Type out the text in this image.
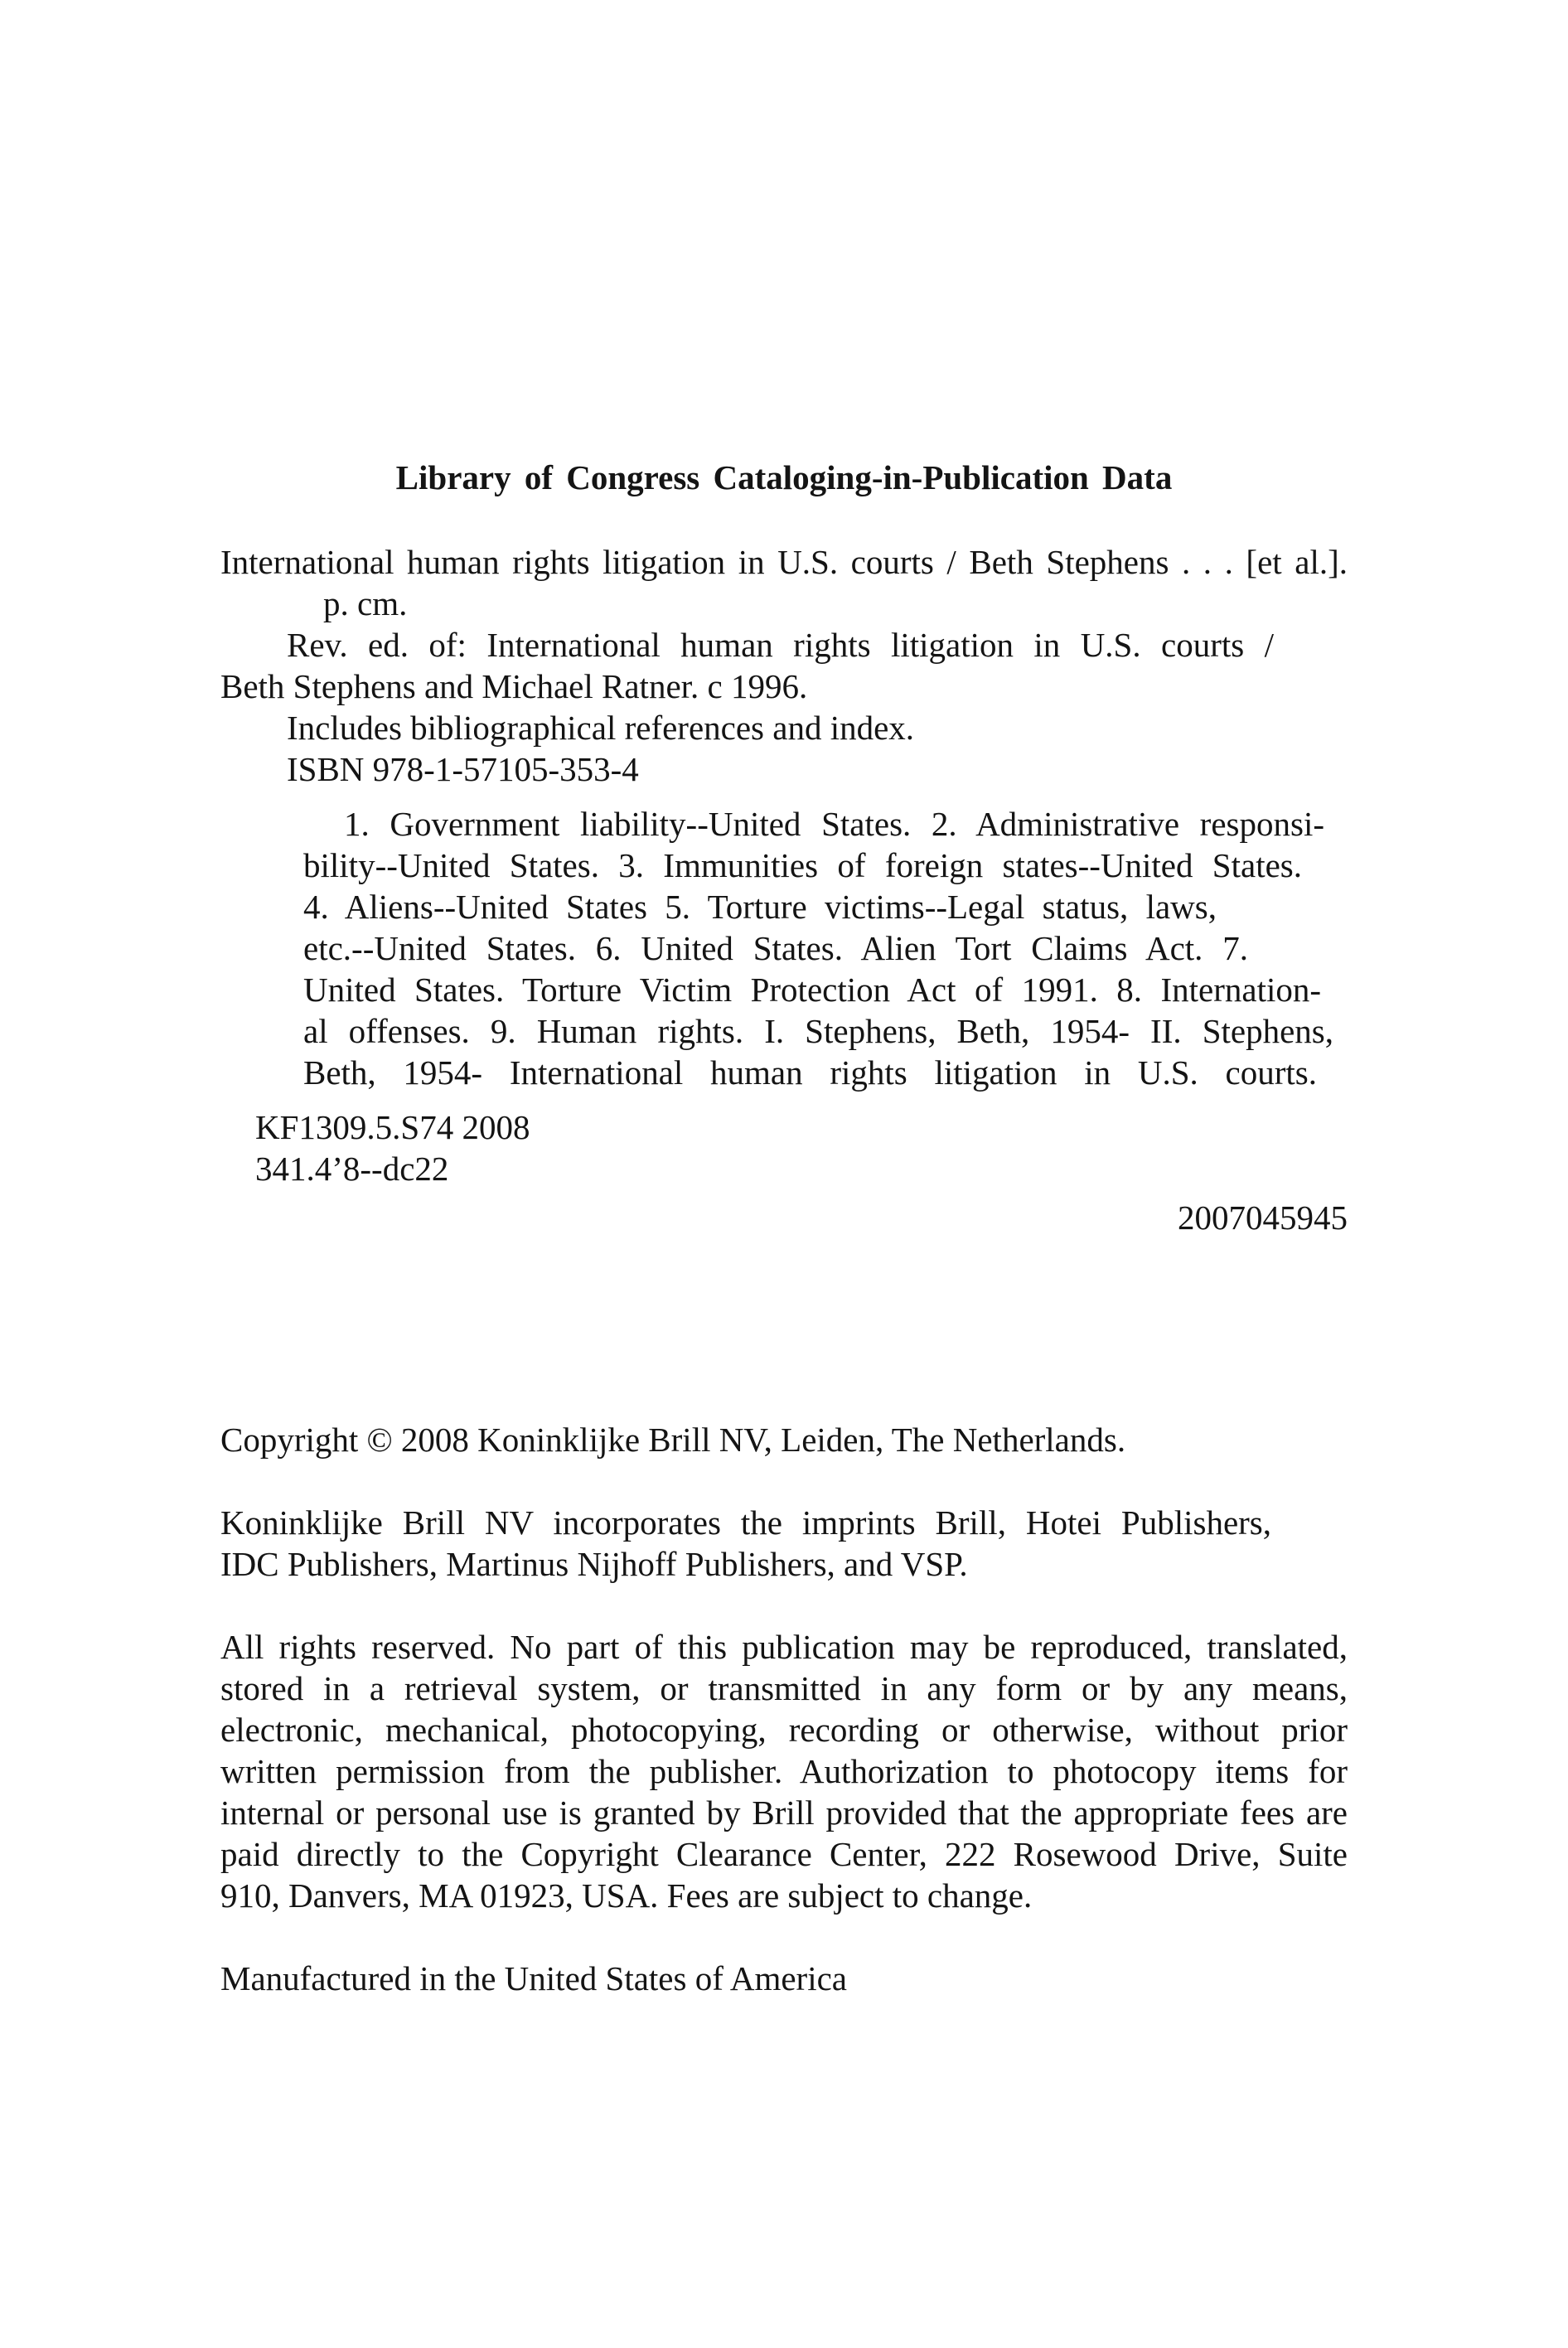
Library of Congress Cataloging-in-Publication Data

International human rights litigation in U.S. courts / Beth Stephens . . . [et al.].

p. cm.

Rev. ed. of: International human rights litigation in U.S. courts /

Beth Stephens and Michael Ratner. c 1996.

Includes bibliographical references and index.

ISBN 978-1-57105-353-4

1. Government liability--United States. 2. Administrative responsi-

bility--United States. 3. Immunities of foreign states--United States.

4. Aliens--United States 5. Torture victims--Legal status, laws,

etc.--United States. 6. United States. Alien Tort Claims Act. 7.

United States. Torture Victim Protection Act of 1991. 8. Internation-

al offenses. 9. Human rights. I. Stephens, Beth, 1954- II. Stephens,

Beth, 1954- International human rights litigation in U.S. courts.

KF1309.5.S74 2008

341.4’8--dc22

2007045945

Copyright © 2008 Koninklijke Brill NV, Leiden, The Netherlands.

Koninklijke Brill NV incorporates the imprints Brill, Hotei Publishers,

IDC Publishers, Martinus Nijhoff Publishers, and VSP.

All rights reserved. No part of this publication may be reproduced, translated,

stored in a retrieval system, or transmitted in any form or by any means,

electronic, mechanical, photocopying, recording or otherwise, without prior

written permission from the publisher. Authorization to photocopy items for

internal or personal use is granted by Brill provided that the appropriate fees are

paid directly to the Copyright Clearance Center, 222 Rosewood Drive, Suite

910, Danvers, MA 01923, USA. Fees are subject to change.

Manufactured in the United States of America
